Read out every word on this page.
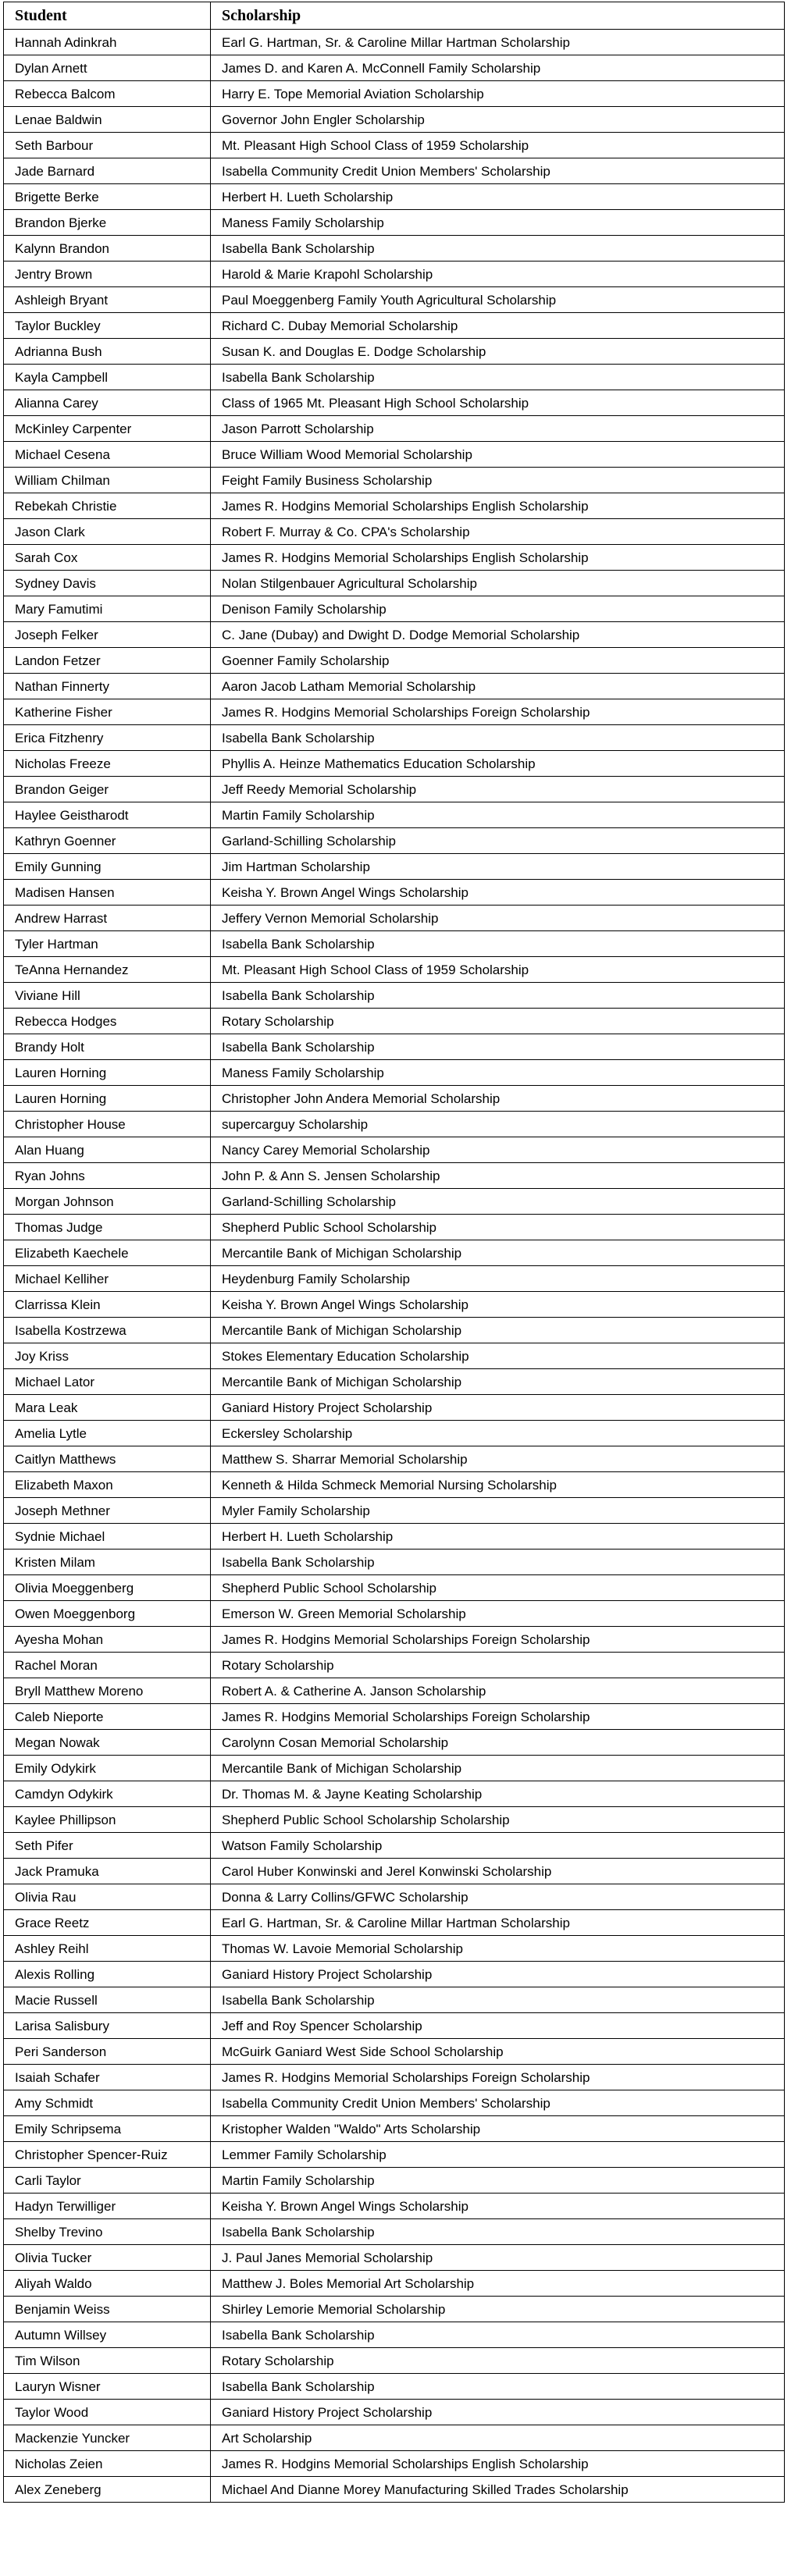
Student	Scholarship
Hannah Adinkrah	Earl G. Hartman, Sr. & Caroline Millar Hartman Scholarship
Dylan Arnett	James D. and Karen A. McConnell Family Scholarship
Rebecca Balcom	Harry E. Tope Memorial Aviation Scholarship
Lenae Baldwin	Governor John Engler Scholarship
Seth Barbour	Mt. Pleasant High School Class of 1959 Scholarship
Jade Barnard	Isabella Community Credit Union Members' Scholarship
Brigette Berke	Herbert H. Lueth Scholarship
Brandon Bjerke	Maness Family Scholarship
Kalynn Brandon	Isabella Bank Scholarship
Jentry Brown	Harold & Marie Krapohl Scholarship
Ashleigh Bryant	Paul Moeggenberg Family Youth Agricultural Scholarship
Taylor Buckley	Richard C. Dubay Memorial Scholarship
Adrianna Bush	Susan K. and Douglas E. Dodge Scholarship
Kayla Campbell	Isabella Bank Scholarship
Alianna Carey	Class of 1965 Mt. Pleasant High School Scholarship
McKinley Carpenter	Jason Parrott Scholarship
Michael Cesena	Bruce William Wood Memorial Scholarship
William Chilman	Feight Family Business Scholarship
Rebekah Christie	James R. Hodgins Memorial Scholarships English Scholarship
Jason Clark	Robert F. Murray & Co. CPA's Scholarship
Sarah Cox	James R. Hodgins Memorial Scholarships English Scholarship
Sydney Davis	Nolan Stilgenbauer Agricultural Scholarship
Mary Famutimi	Denison Family Scholarship
Joseph Felker	C. Jane (Dubay) and Dwight D. Dodge Memorial Scholarship
Landon Fetzer	Goenner Family Scholarship
Nathan Finnerty	Aaron Jacob Latham Memorial Scholarship
Katherine Fisher	James R. Hodgins Memorial Scholarships Foreign Scholarship
Erica Fitzhenry	Isabella Bank Scholarship
Nicholas Freeze	Phyllis A. Heinze Mathematics Education Scholarship
Brandon Geiger	Jeff Reedy Memorial Scholarship
Haylee Geistharodt	Martin Family Scholarship
Kathryn Goenner	Garland-Schilling Scholarship
Emily Gunning	Jim Hartman Scholarship
Madisen Hansen	Keisha Y. Brown Angel Wings Scholarship
Andrew Harrast	Jeffery Vernon Memorial Scholarship
Tyler Hartman	Isabella Bank Scholarship
TeAnna Hernandez	Mt. Pleasant High School Class of 1959 Scholarship
Viviane Hill	Isabella Bank Scholarship
Rebecca Hodges	Rotary Scholarship
Brandy Holt	Isabella Bank Scholarship
Lauren Horning	Maness Family Scholarship
Lauren Horning	Christopher John Andera Memorial Scholarship
Christopher House	supercarguy Scholarship
Alan Huang	Nancy Carey Memorial Scholarship
Ryan Johns	John P. & Ann S. Jensen Scholarship
Morgan Johnson	Garland-Schilling Scholarship
Thomas Judge	Shepherd Public School Scholarship
Elizabeth Kaechele	Mercantile Bank of Michigan Scholarship
Michael Kelliher	Heydenburg Family Scholarship
Clarrissa Klein	Keisha Y. Brown Angel Wings Scholarship
Isabella Kostrzewa	Mercantile Bank of Michigan Scholarship
Joy Kriss	Stokes Elementary Education Scholarship
Michael Lator	Mercantile Bank of Michigan Scholarship
Mara Leak	Ganiard History Project Scholarship
Amelia Lytle	Eckersley Scholarship
Caitlyn Matthews	Matthew S. Sharrar Memorial Scholarship
Elizabeth Maxon	Kenneth & Hilda Schmeck Memorial Nursing Scholarship
Joseph Methner	Myler Family Scholarship
Sydnie Michael	Herbert H. Lueth Scholarship
Kristen Milam	Isabella Bank Scholarship
Olivia Moeggenberg	Shepherd Public School Scholarship
Owen Moeggenborg	Emerson W. Green Memorial Scholarship
Ayesha Mohan	James R. Hodgins Memorial Scholarships Foreign Scholarship
Rachel Moran	Rotary Scholarship
Bryll Matthew Moreno	Robert A. & Catherine A. Janson Scholarship
Caleb Nieporte	James R. Hodgins Memorial Scholarships Foreign Scholarship
Megan Nowak	Carolynn Cosan Memorial Scholarship
Emily Odykirk	Mercantile Bank of Michigan Scholarship
Camdyn Odykirk	Dr. Thomas M. & Jayne Keating Scholarship
Kaylee Phillipson	Shepherd Public School Scholarship Scholarship
Seth Pifer	Watson Family Scholarship
Jack Pramuka	Carol Huber Konwinski and Jerel Konwinski Scholarship
Olivia Rau	Donna & Larry Collins/GFWC Scholarship
Grace Reetz	Earl G. Hartman, Sr. & Caroline Millar Hartman Scholarship
Ashley Reihl	Thomas W. Lavoie Memorial Scholarship
Alexis Rolling	Ganiard History Project Scholarship
Macie Russell	Isabella Bank Scholarship
Larisa Salisbury	Jeff and Roy Spencer Scholarship
Peri Sanderson	McGuirk Ganiard West Side School Scholarship
Isaiah Schafer	James R. Hodgins Memorial Scholarships Foreign Scholarship
Amy Schmidt	Isabella Community Credit Union Members' Scholarship
Emily Schripsema	Kristopher Walden "Waldo" Arts Scholarship
Christopher Spencer-Ruiz	Lemmer Family Scholarship
Carli Taylor	Martin Family Scholarship
Hadyn Terwilliger	Keisha Y. Brown Angel Wings Scholarship
Shelby Trevino	Isabella Bank Scholarship
Olivia Tucker	J. Paul Janes Memorial Scholarship
Aliyah Waldo	Matthew J. Boles Memorial Art Scholarship
Benjamin Weiss	Shirley Lemorie Memorial Scholarship
Autumn Willsey	Isabella Bank Scholarship
Tim Wilson	Rotary Scholarship
Lauryn Wisner	Isabella Bank Scholarship
Taylor Wood	Ganiard History Project Scholarship
Mackenzie Yuncker	Art Scholarship
Nicholas Zeien	James R. Hodgins Memorial Scholarships English Scholarship
Alex Zeneberg	Michael And Dianne Morey Manufacturing Skilled Trades Scholarship
